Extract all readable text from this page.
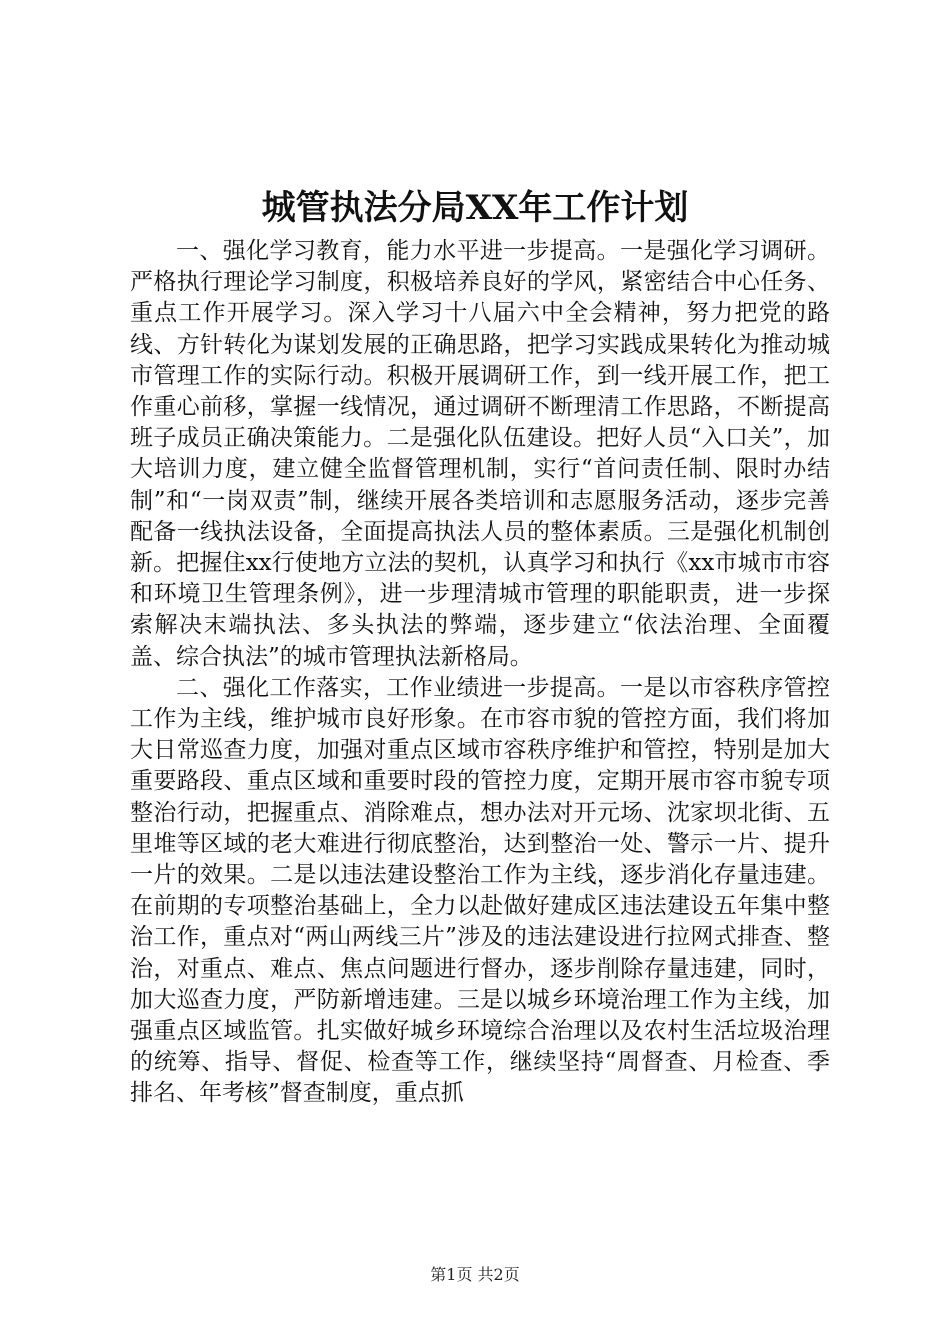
城管执法分局XX年工作计划

一、强化学习教育，能力水平进一步提高。一是强化学习调研。严格执行理论学习制度，积极培养良好的学风，紧密结合中心任务、重点工作开展学习。深入学习十八届六中全会精神，努力把党的路线、方针转化为谋划发展的正确思路，把学习实践成果转化为推动城市管理工作的实际行动。积极开展调研工作，到一线开展工作，把工作重心前移，掌握一线情况，通过调研不断理清工作思路，不断提高班子成员正确决策能力。二是强化队伍建设。把好人员“入口关”，加大培训力度，建立健全监督管理机制，实行“首问责任制、限时办结制”和“一岗双责”制，继续开展各类培训和志愿服务活动，逐步完善配备一线执法设备，全面提高执法人员的整体素质。三是强化机制创新。把握住xx行使地方立法的契机，认真学习和执行《xx市城市市容和环境卫生管理条例》，进一步理清城市管理的职能职责，进一步探索解决末端执法、多头执法的弊端，逐步建立“依法治理、全面覆盖、综合执法”的城市管理执法新格局。

二、强化工作落实，工作业绩进一步提高。一是以市容秩序管控工作为主线，维护城市良好形象。在市容市貌的管控方面，我们将加大日常巡查力度，加强对重点区域市容秩序维护和管控，特别是加大重要路段、重点区域和重要时段的管控力度，定期开展市容市貌专项整治行动，把握重点、消除难点，想办法对开元场、沈家坝北街、五里堆等区域的老大难进行彻底整治，达到整治一处、警示一片、提升一片的效果。二是以违法建设整治工作为主线，逐步消化存量违建。在前期的专项整治基础上，全力以赴做好建成区违法建设五年集中整治工作，重点对“两山两线三片”涉及的违法建设进行拉网式排查、整治，对重点、难点、焦点问题进行督办，逐步削除存量违建，同时，加大巡查力度，严防新增违建。三是以城乡环境治理工作为主线，加强重点区域监管。扎实做好城乡环境综合治理以及农村生活垃圾治理的统筹、指导、督促、检查等工作，继续坚持“周督查、月检查、季排名、年考核”督查制度，重点抓

第1页 共2页
